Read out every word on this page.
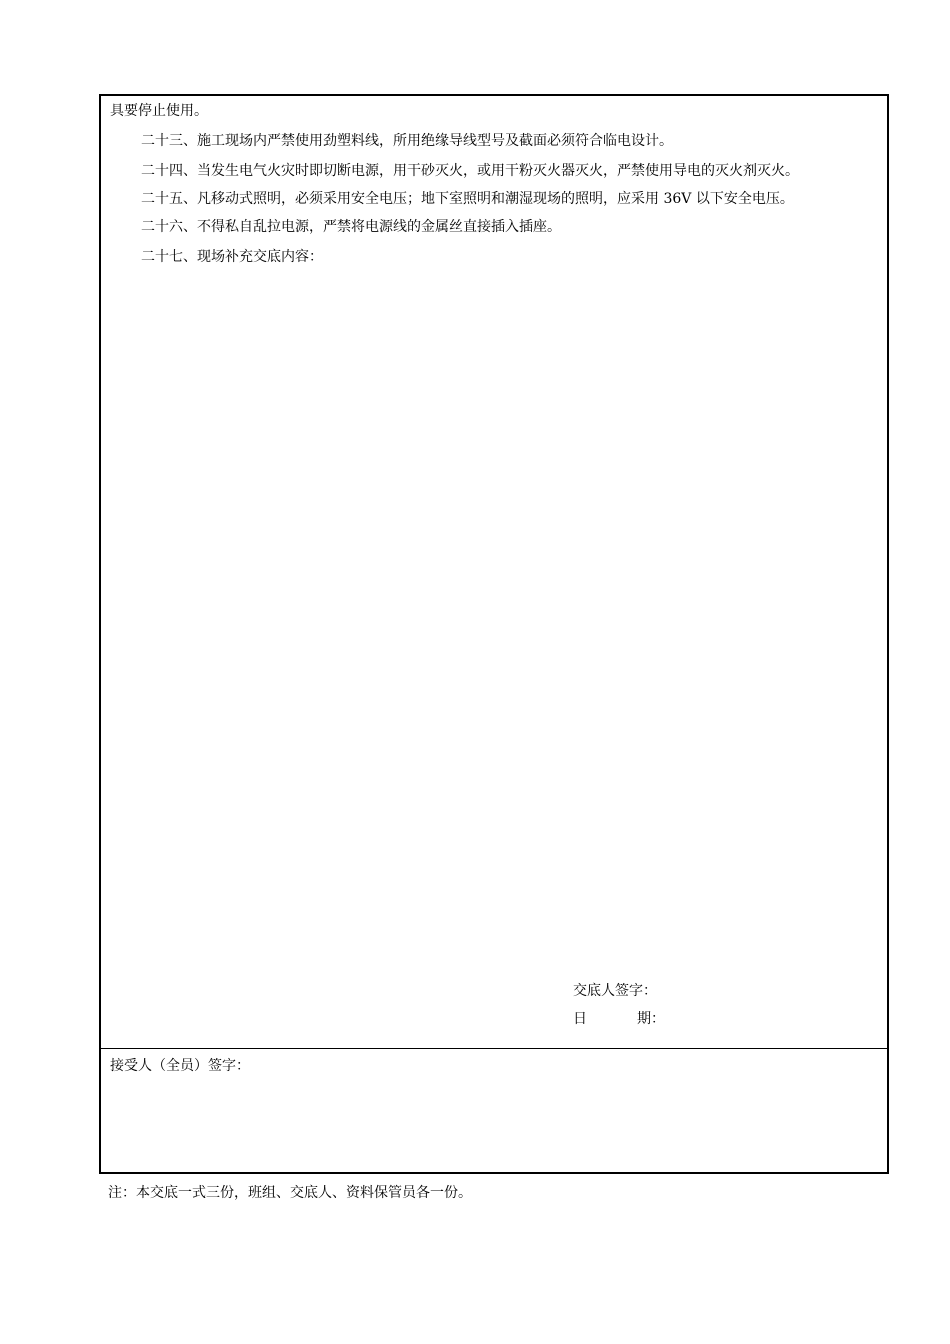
具要停止使用。
二十三、施工现场内严禁使用劲塑料线，所用绝缘导线型号及截面必须符合临电设计。
二十四、当发生电气火灾时即切断电源，用干砂灭火，或用干粉灭火器灭火，严禁使用导电的灭火剂灭火。
二十五、凡移动式照明，必须采用安全电压；地下室照明和潮湿现场的照明，应采用 36V 以下安全电压。
二十六、不得私自乱拉电源，严禁将电源线的金属丝直接插入插座。
二十七、现场补充交底内容：
交底人签字：
日	期：
接受人（全员）签字：
注：本交底一式三份，班组、交底人、资料保管员各一份。
